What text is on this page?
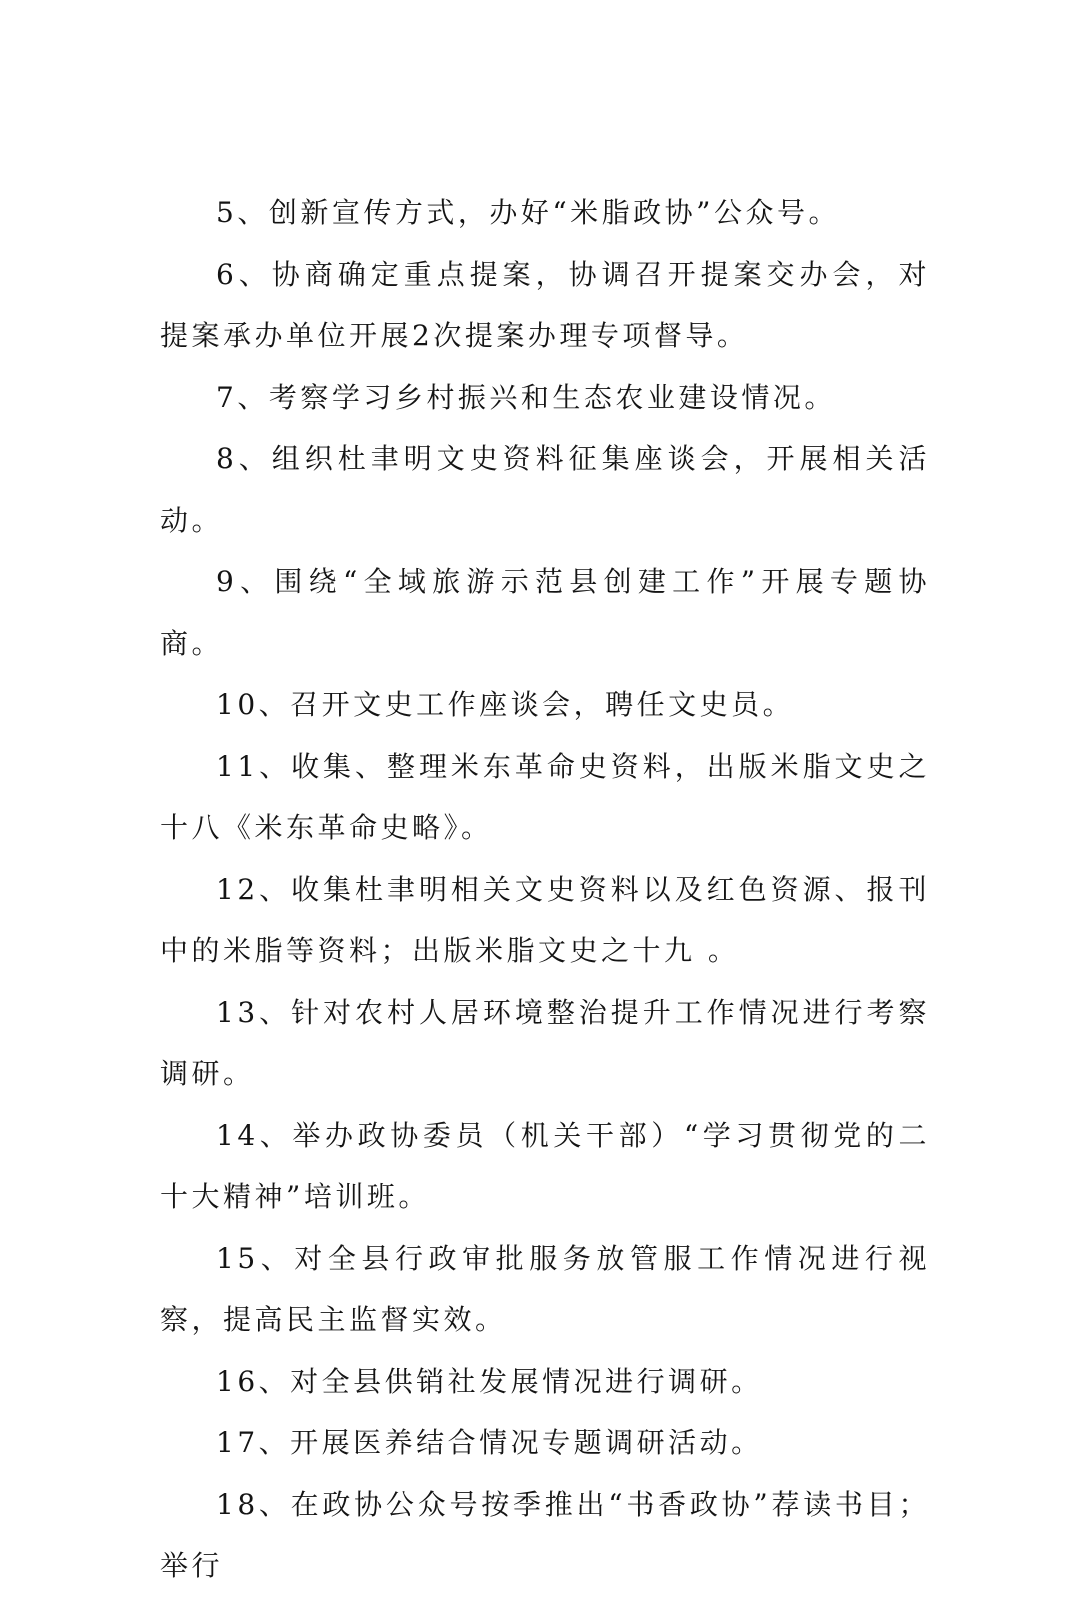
5、创新宣传方式，办好“米脂政协”公众号。

6、协商确定重点提案，协调召开提案交办会，对提案承办单位开展2次提案办理专项督导。

7、考察学习乡村振兴和生态农业建设情况。

8、组织杜聿明文史资料征集座谈会，开展相关活动。

9、围绕“全域旅游示范县创建工作”开展专题协商。

10、召开文史工作座谈会，聘任文史员。

11、收集、整理米东革命史资料，出版米脂文史之十八《米东革命史略》。

12、收集杜聿明相关文史资料以及红色资源、报刊中的米脂等资料；出版米脂文史之十九 。

13、针对农村人居环境整治提升工作情况进行考察调研。

14、举办政协委员（机关干部）“学习贯彻党的二十大精神”培训班。

15、对全县行政审批服务放管服工作情况进行视察，提高民主监督实效。

16、对全县供销社发展情况进行调研。

17、开展医养结合情况专题调研活动。

18、在政协公众号按季推出“书香政协”荐读书目；举行
